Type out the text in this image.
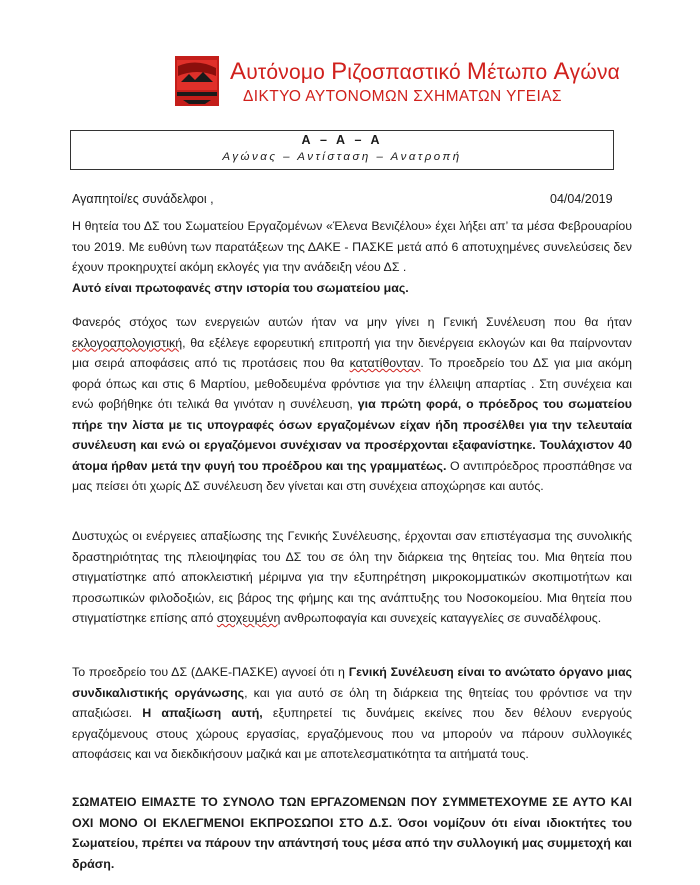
Αυτόνομο Ριζοσπαστικό Μέτωπο Αγώνα
ΔΙΚΤΥΟ ΑΥΤΟΝΟΜΩΝ ΣΧΗΜΑΤΩΝ ΥΓΕΙΑΣ
Α – Α – Α
Αγώνας – Αντίσταση – Ανατροπή
Αγαπητοί/ες συνάδελφοι ,	04/04/2019

Η θητεία του ΔΣ του Σωματείου Εργαζομένων «Έλενα Βενιζέλου» έχει λήξει απ’ τα μέσα Φεβρουαρίου του 2019. Με ευθύνη των παρατάξεων της ΔΑΚΕ - ΠΑΣΚΕ μετά από 6 αποτυχημένες συνελεύσεις δεν έχουν προκηρυχτεί ακόμη εκλογές για την ανάδειξη νέου ΔΣ .
Αυτό είναι πρωτοφανές στην ιστορία του σωματείου μας.

Φανερός στόχος των ενεργειών αυτών ήταν να μην γίνει η Γενική Συνέλευση που θα ήταν εκλογοαπολογιστική, θα εξέλεγε εφορευτική επιτροπή για την διενέργεια εκλογών και θα παίρνονταν μια σειρά αποφάσεις από τις προτάσεις που θα κατατίθονταν. Το προεδρείο του ΔΣ για μια ακόμη φορά όπως και στις 6 Μαρτίου, μεθοδευμένα φρόντισε για την έλλειψη απαρτίας . Στη συνέχεια και ενώ φοβήθηκε ότι τελικά θα γινόταν η συνέλευση, για πρώτη φορά, ο πρόεδρος του σωματείου πήρε την λίστα με τις υπογραφές όσων εργαζομένων είχαν ήδη προσέλθει για την τελευταία συνέλευση και ενώ οι εργαζόμενοι συνέχισαν να προσέρχονται εξαφανίστηκε. Τουλάχιστον 40 άτομα ήρθαν μετά την φυγή του προέδρου και της γραμματέως. Ο αντιπρόεδρος προσπάθησε να μας πείσει ότι χωρίς ΔΣ συνέλευση δεν γίνεται και στη συνέχεια αποχώρησε και αυτός.

Δυστυχώς οι ενέργειες απαξίωσης της Γενικής Συνέλευσης, έρχονται σαν επιστέγασμα της συνολικής δραστηριότητας της πλειοψηφίας του ΔΣ του σε όλη την διάρκεια της θητείας του. Μια θητεία που στιγματίστηκε από αποκλειστική μέριμνα για την εξυπηρέτηση μικροκομματικών σκοπιμοτήτων και προσωπικών φιλοδοξιών, εις βάρος της φήμης και της ανάπτυξης του Νοσοκομείου. Μια θητεία που στιγματίστηκε επίσης από στοχευμένη ανθρωποφαγία και συνεχείς καταγγελίες σε συναδέλφους.

Το προεδρείο του ΔΣ (ΔΑΚΕ-ΠΑΣΚΕ) αγνοεί ότι η Γενική Συνέλευση είναι το ανώτατο όργανο μιας συνδικαλιστικής οργάνωσης, και για αυτό σε όλη τη διάρκεια της θητείας του φρόντισε να την απαξιώσει. Η απαξίωση αυτή, εξυπηρετεί τις δυνάμεις εκείνες που δεν θέλουν ενεργούς εργαζόμενους στους χώρους εργασίας, εργαζόμενους που να μπορούν να πάρουν συλλογικές αποφάσεις και να διεκδικήσουν μαζικά και με αποτελεσματικότητα τα αιτήματά τους.

ΣΩΜΑΤΕΙΟ ΕΙΜΑΣΤΕ ΤΟ ΣΥΝΟΛΟ ΤΩΝ ΕΡΓΑΖΟΜΕΝΩΝ ΠΟΥ ΣΥΜΜΕΤΕΧΟΥΜΕ ΣΕ ΑΥΤΟ ΚΑΙ ΟΧΙ ΜΟΝΟ ΟΙ ΕΚΛΕΓΜΕΝΟΙ ΕΚΠΡΟΣΩΠΟΙ ΣΤΟ Δ.Σ. Όσοι νομίζουν ότι είναι ιδιοκτήτες του Σωματείου, πρέπει να πάρουν την απάντησή τους μέσα από την συλλογική μας συμμετοχή και δράση.
